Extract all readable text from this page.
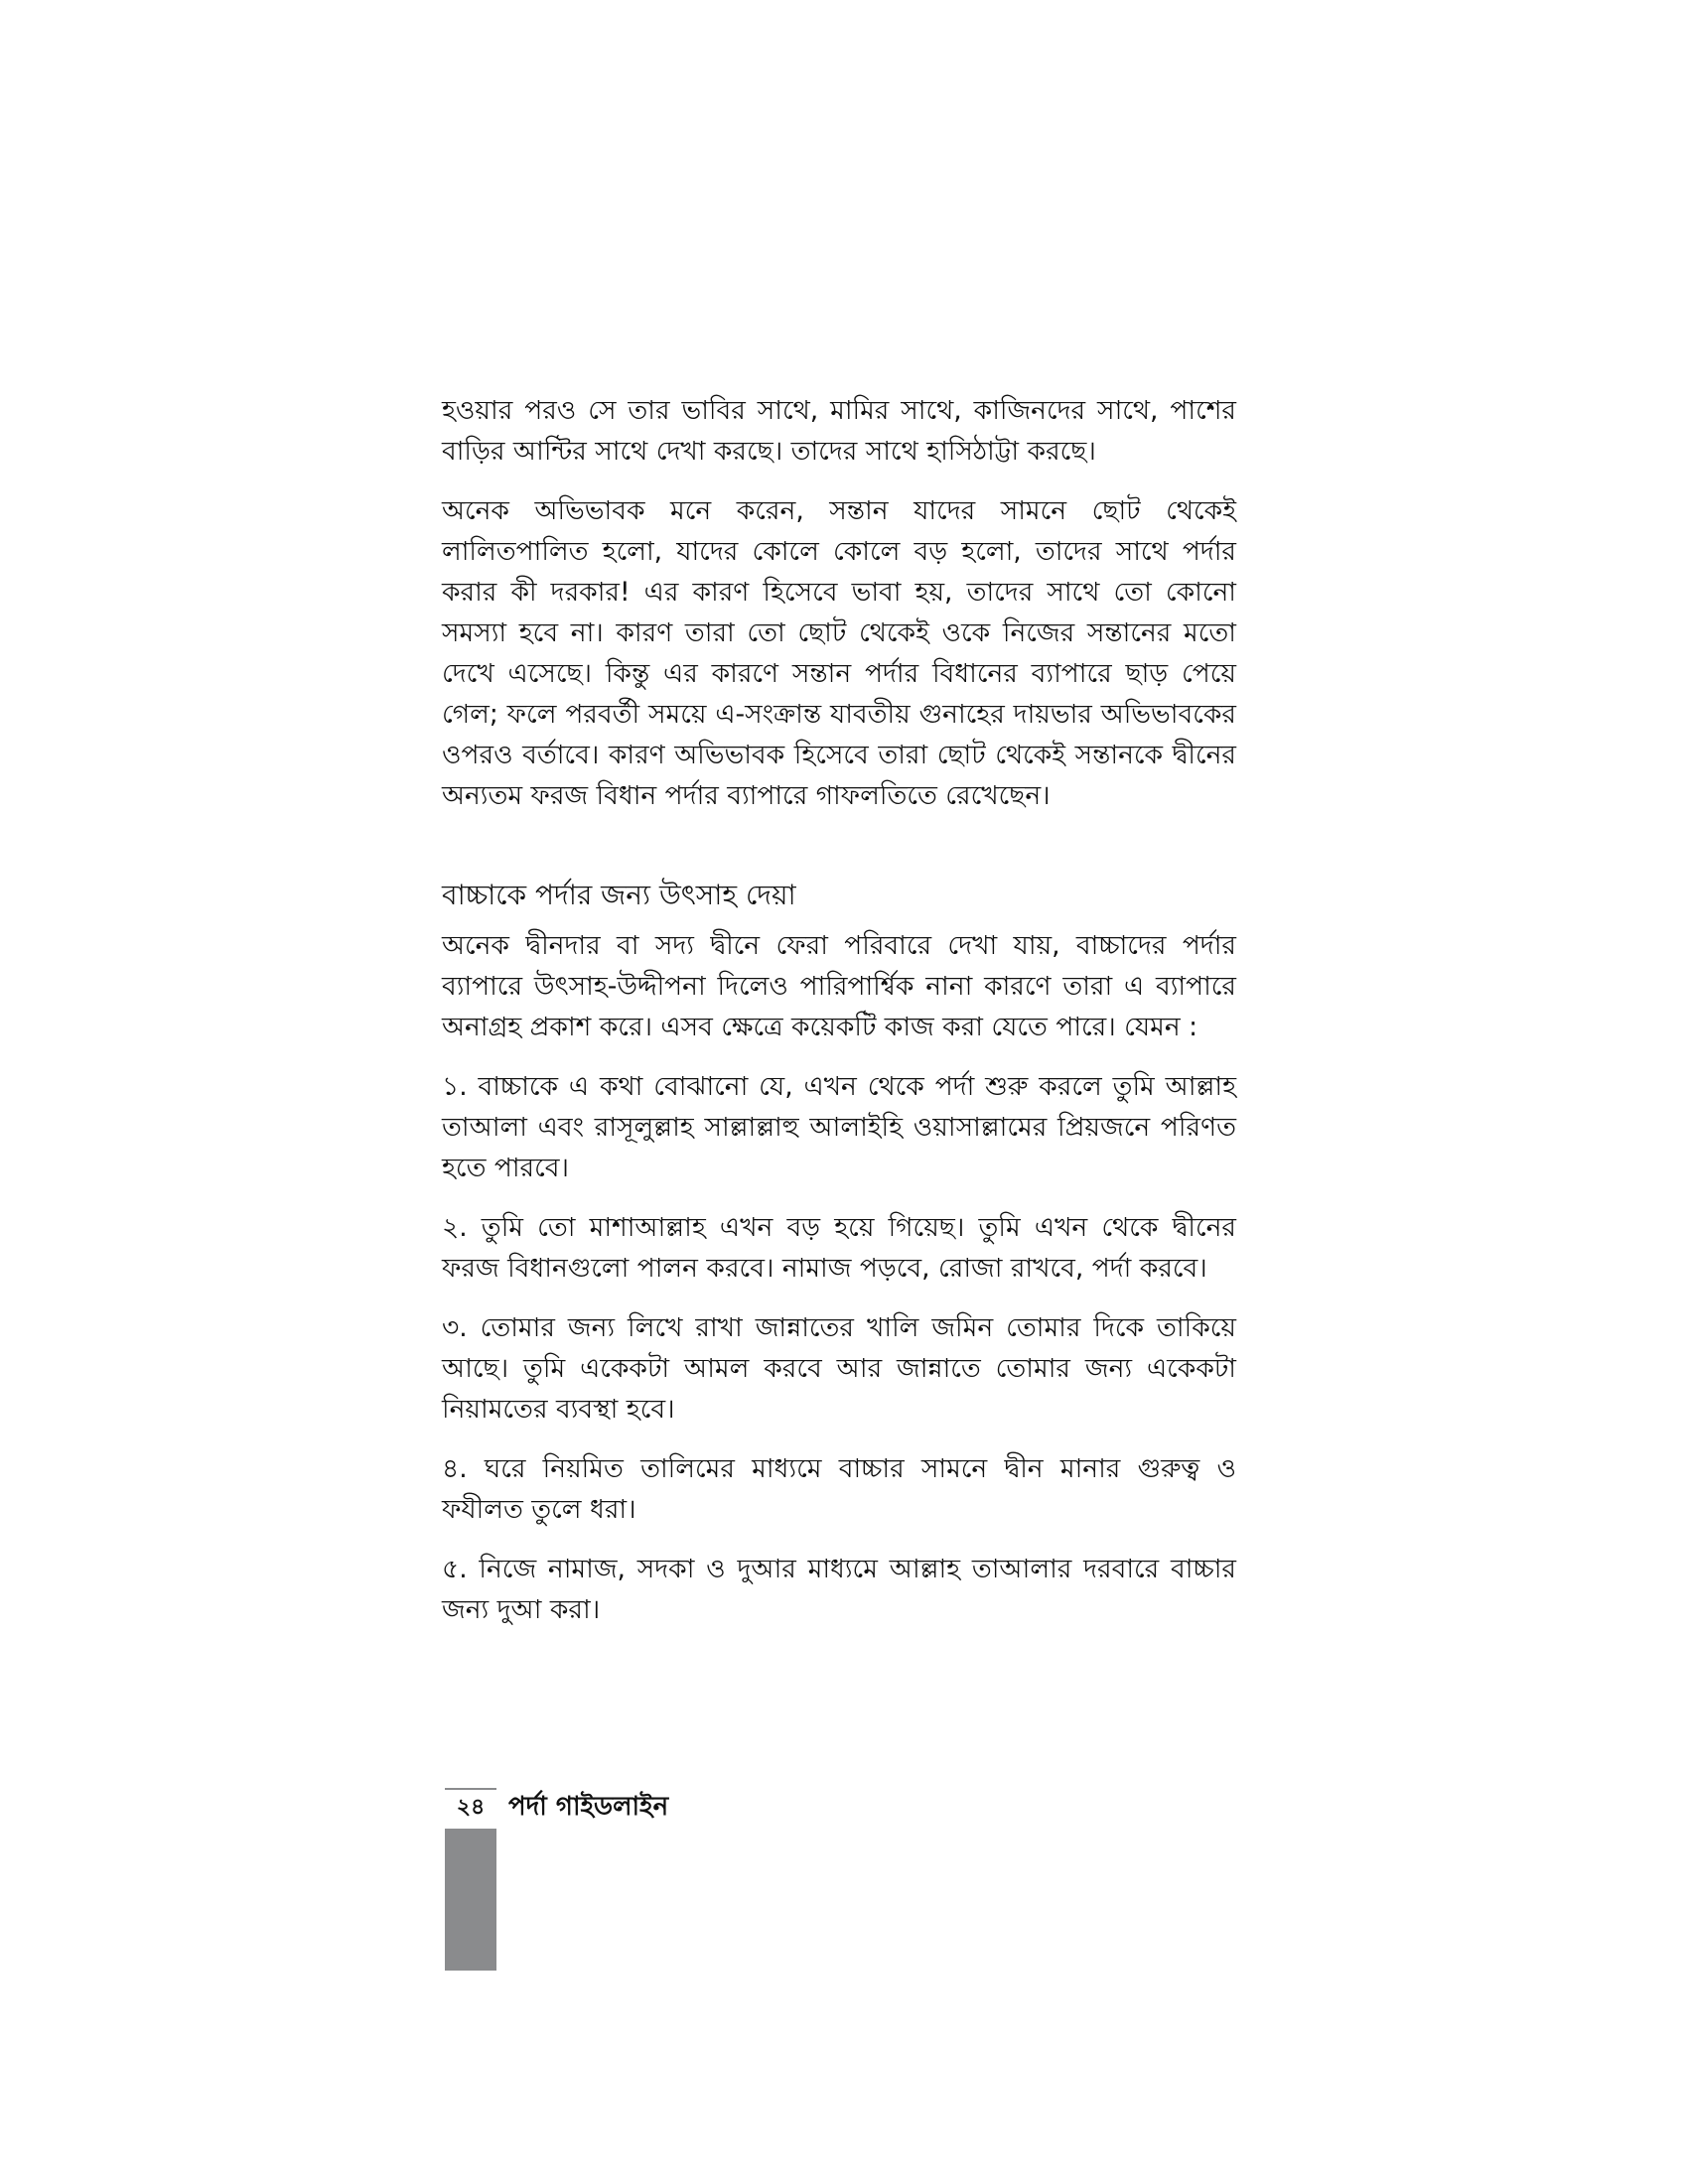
হওয়ার পরও সে তার ভাবির সাথে, মামির সাথে, কাজিনদের সাথে, পাশের বাড়ির আন্টির সাথে দেখা করছে। তাদের সাথে হাসিঠাট্টা করছে।

অনেক অভিভাবক মনে করেন, সন্তান যাদের সামনে ছোট থেকেই লালিতপালিত হলো, যাদের কোলে কোলে বড় হলো, তাদের সাথে পর্দার করার কী দরকার! এর কারণ হিসেবে ভাবা হয়, তাদের সাথে তো কোনো সমস্যা হবে না। কারণ তারা তো ছোট থেকেই ওকে নিজের সন্তানের মতো দেখে এসেছে। কিন্তু এর কারণে সন্তান পর্দার বিধানের ব্যাপারে ছাড় পেয়ে গেল; ফলে পরবর্তী সময়ে এ-সংক্রান্ত যাবতীয় গুনাহের দায়ভার অভিভাবকের ওপরও বর্তাবে। কারণ অভিভাবক হিসেবে তারা ছোট থেকেই সন্তানকে দ্বীনের অন্যতম ফরজ বিধান পর্দার ব্যাপারে গাফলতিতে রেখেছেন।

বাচ্চাকে পর্দার জন্য উৎসাহ দেয়া

অনেক দ্বীনদার বা সদ্য দ্বীনে ফেরা পরিবারে দেখা যায়, বাচ্চাদের পর্দার ব্যাপারে উৎসাহ-উদ্দীপনা দিলেও পারিপার্শ্বিক নানা কারণে তারা এ ব্যাপারে অনাগ্রহ প্রকাশ করে। এসব ক্ষেত্রে কয়েকটি কাজ করা যেতে পারে। যেমন :

১. বাচ্চাকে এ কথা বোঝানো যে, এখন থেকে পর্দা শুরু করলে তুমি আল্লাহ তাআলা এবং রাসূলুল্লাহ সাল্লাল্লাহু আলাইহি ওয়াসাল্লামের প্রিয়জনে পরিণত হতে পারবে।

২. তুমি তো মাশাআল্লাহ এখন বড় হয়ে গিয়েছ। তুমি এখন থেকে দ্বীনের ফরজ বিধানগুলো পালন করবে। নামাজ পড়বে, রোজা রাখবে, পর্দা করবে।

৩. তোমার জন্য লিখে রাখা জান্নাতের খালি জমিন তোমার দিকে তাকিয়ে আছে। তুমি একেকটা আমল করবে আর জান্নাতে তোমার জন্য একেকটা নিয়ামতের ব্যবস্থা হবে।

৪. ঘরে নিয়মিত তালিমের মাধ্যমে বাচ্চার সামনে দ্বীন মানার গুরুত্ব ও ফযীলত তুলে ধরা।

৫. নিজে নামাজ, সদকা ও দুআর মাধ্যমে আল্লাহ তাআলার দরবারে বাচ্চার জন্য দুআ করা।

২৪ পর্দা গাইডলাইন
